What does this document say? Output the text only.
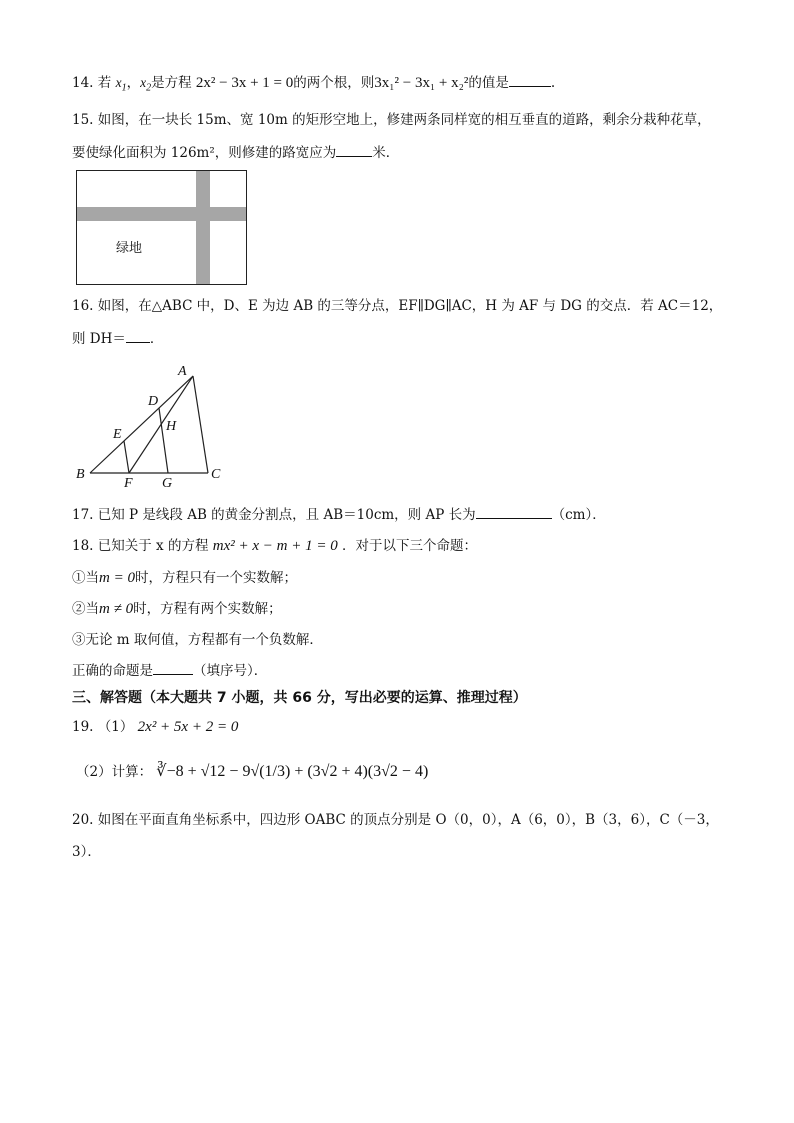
14. 若 $x_1$，$x_2$是方程 2x² − 3x + 1 = 0的两个根，则3x₁² − 3x₁ + x₂²的值是	.
15. 如图，在一块长 15m、宽 10m 的矩形空地上，修建两条同样宽的相互垂直的道路，剩余分栽种花草，
要使绿化面积为 126m²，则修建的路宽应为	米．
绿地
16. 如图，在△ABC 中，D、E 为边 AB 的三等分点，EF∥DG∥AC，H 为 AF 与 DG 的交点．若 AC＝12，
则 DH＝ ．
A
B	C
D
E
F G
H
17. 已知 P 是线段 AB 的黄金分割点，且 AB＝10cm，则 AP 长为	（cm）．
18. 已知关于 x 的方程 mx² + x − m + 1 = 0 ．对于以下三个命题：
①当m = 0时，方程只有一个实数解；
②当m ≠ 0时，方程有两个实数解；
③无论 m 取何值，方程都有一个负数解．
正确的命题是	（填序号）．
三、解答题（本大题共 7 小题，共 66 分，写出必要的运算、推理过程）
19. （1） 2x² + 5x + 2 = 0
（2）计算： ∛−8 + √12 − 9√(1/3) + (3√2 + 4)(3√2 − 4)
20. 如图在平面直角坐标系中，四边形 OABC 的顶点分别是 O（0，0），A（6，0），B（3，6），C（－3，
3）．
